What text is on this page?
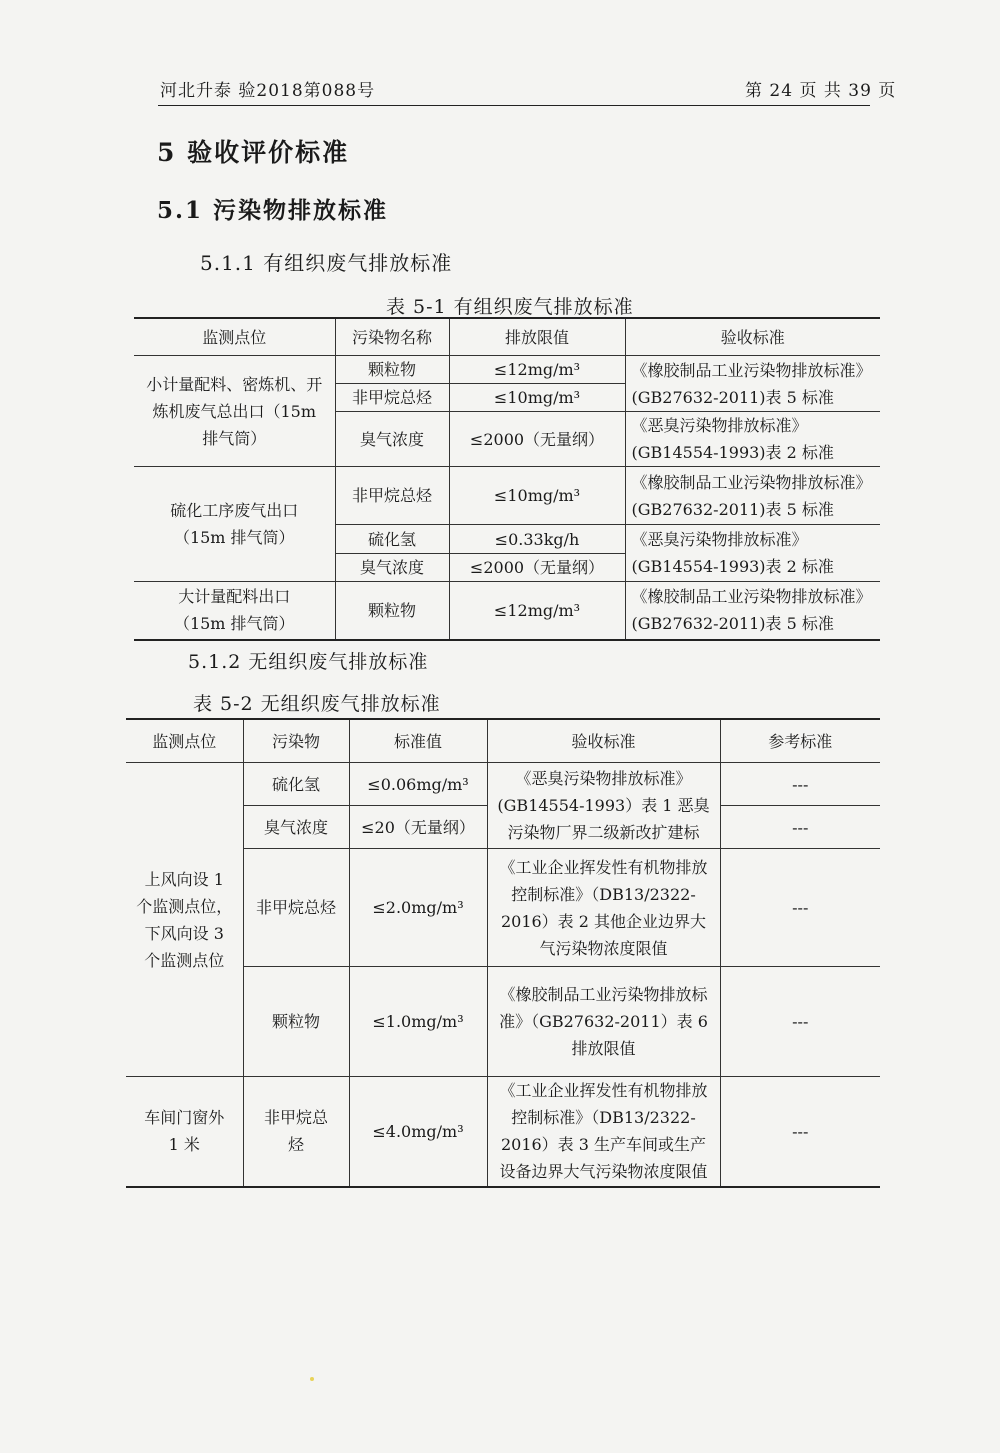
河北升泰 验2018第088号	第 24 页 共 39 页
5 验收评价标准
5.1 污染物排放标准
5.1.1 有组织废气排放标准
表 5-1 有组织废气排放标准
监测点位	污染物名称	排放限值	验收标准
小计量配料、密炼机、开炼机废气总出口（15m 排气筒）	颗粒物	≤12mg/m³	《橡胶制品工业污染物排放标准》(GB27632-2011)表 5 标准
	非甲烷总烃	≤10mg/m³	
	臭气浓度	≤2000（无量纲）	《恶臭污染物排放标准》(GB14554-1993)表 2 标准

硫化工序废气出口（15m 排气筒）	非甲烷总烃	≤10mg/m³	《橡胶制品工业污染物排放标准》(GB27632-2011)表 5 标准
	硫化氢	≤0.33kg/h	《恶臭污染物排放标准》(GB14554-1993)表 2 标准
	臭气浓度	≤2000（无量纲）	
大计量配料出口（15m 排气筒）	颗粒物	≤12mg/m³	《橡胶制品工业污染物排放标准》(GB27632-2011)表 5 标准
5.1.2 无组织废气排放标准
表 5-2 无组织废气排放标准
监测点位	污染物	标准值	验收标准	参考标准
上风向设 1 个监测点位，下风向设 3 个监测点位	硫化氢	≤0.06mg/m³	《恶臭污染物排放标准》(GB14554-1993）表 1 恶臭污染物厂界二级新改扩建标	---
	臭气浓度	≤20（无量纲）		---
	非甲烷总烃	≤2.0mg/m³	《工业企业挥发性有机物排放控制标准》（DB13/2322-2016）表 2 其他企业边界大气污染物浓度限值	---
	颗粒物	≤1.0mg/m³	《橡胶制品工业污染物排放标准》（GB27632-2011）表 6 排放限值	---
车间门窗外 1 米	非甲烷总烃	≤4.0mg/m³	《工业企业挥发性有机物排放控制标准》（DB13/2322-2016）表 3 生产车间或生产设备边界大气污染物浓度限值	---
